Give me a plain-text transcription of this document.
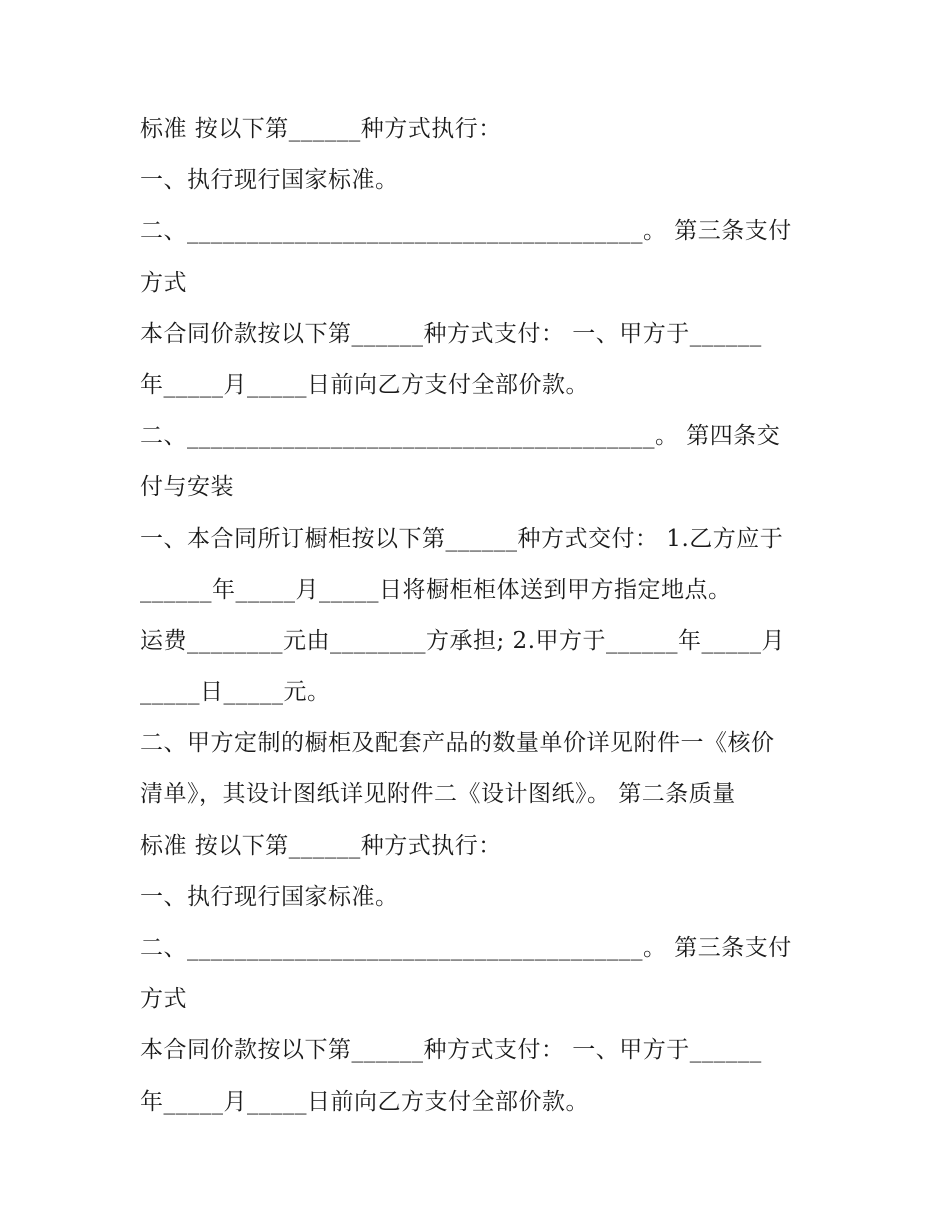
标准 按以下第______种方式执行：
一、执行现行国家标准。
二、______________________________________。 第三条支付
方式
本合同价款按以下第______种方式支付： 一、甲方于______
年_____月_____日前向乙方支付全部价款。
二、_______________________________________。 第四条交
付与安装
一、本合同所订橱柜按以下第______种方式交付： 1.乙方应于
______年_____月_____日将橱柜柜体送到甲方指定地点。
运费________元由________方承担; 2.甲方于______年_____月
_____日_____元。
二、甲方定制的橱柜及配套产品的数量单价详见附件一《核价
清单》，其设计图纸详见附件二《设计图纸》。 第二条质量
标准 按以下第______种方式执行：
一、执行现行国家标准。
二、______________________________________。 第三条支付
方式
本合同价款按以下第______种方式支付： 一、甲方于______
年_____月_____日前向乙方支付全部价款。
